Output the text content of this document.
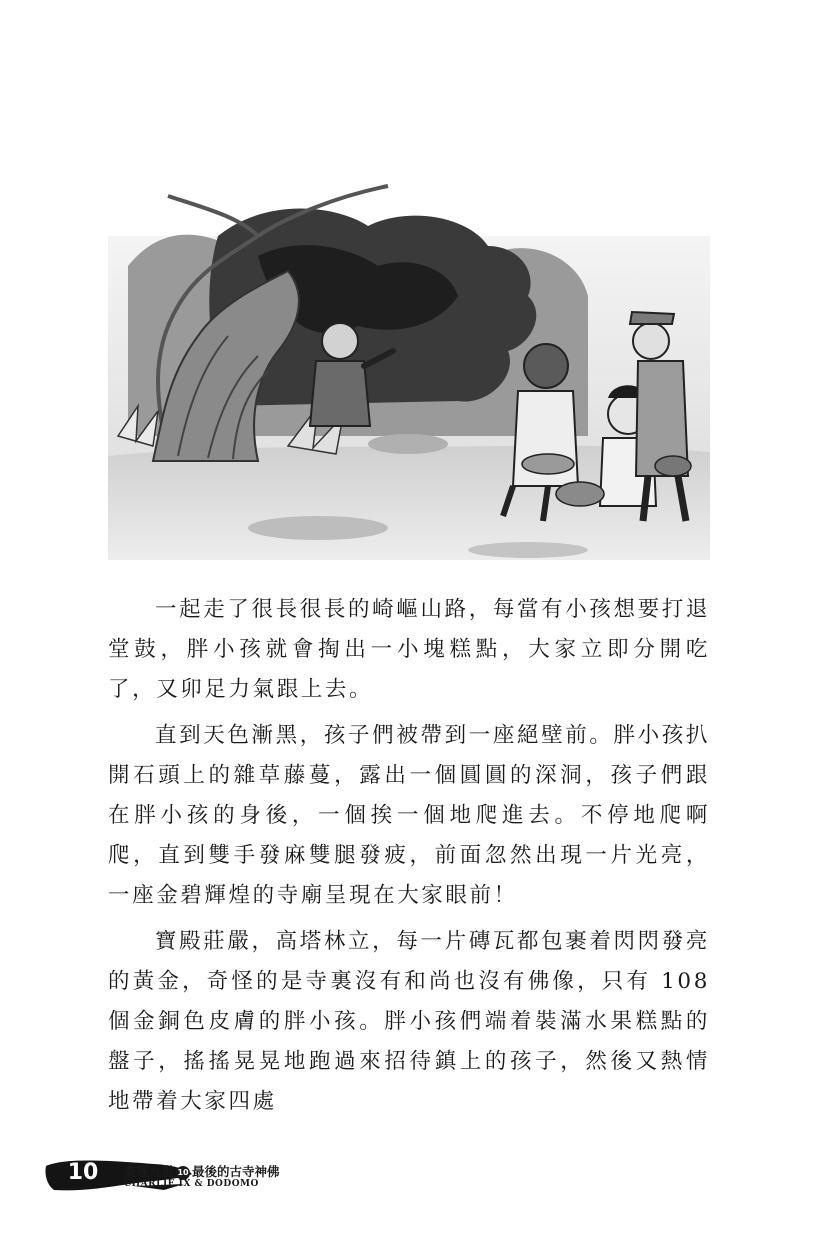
一起走了很長很長的崎嶇山路，每當有小孩想要打退堂鼓，胖小孩就會掏出一小塊糕點，大家立即分開吃了，又卯足力氣跟上去。

直到天色漸黑，孩子們被帶到一座絕壁前。胖小孩扒開石頭上的雜草藤蔓，露出一個圓圓的深洞，孩子們跟在胖小孩的身後，一個挨一個地爬進去。不停地爬啊爬，直到雙手發麻雙腿發疲，前面忽然出現一片光亮，一座金碧輝煌的寺廟呈現在大家眼前！

寶殿莊嚴，高塔林立，每一片磚瓦都包裹着閃閃發亮的黃金，奇怪的是寺裏沒有和尚也沒有佛像，只有 108 個金銅色皮膚的胖小孩。胖小孩們端着裝滿水果糕點的盤子，搖搖晃晃地跑過來招待鎮上的孩子，然後又熱情地帶着大家四處

10	查理九世 10 最後的古寺神佛
CHARLIE IX & DODOMO
